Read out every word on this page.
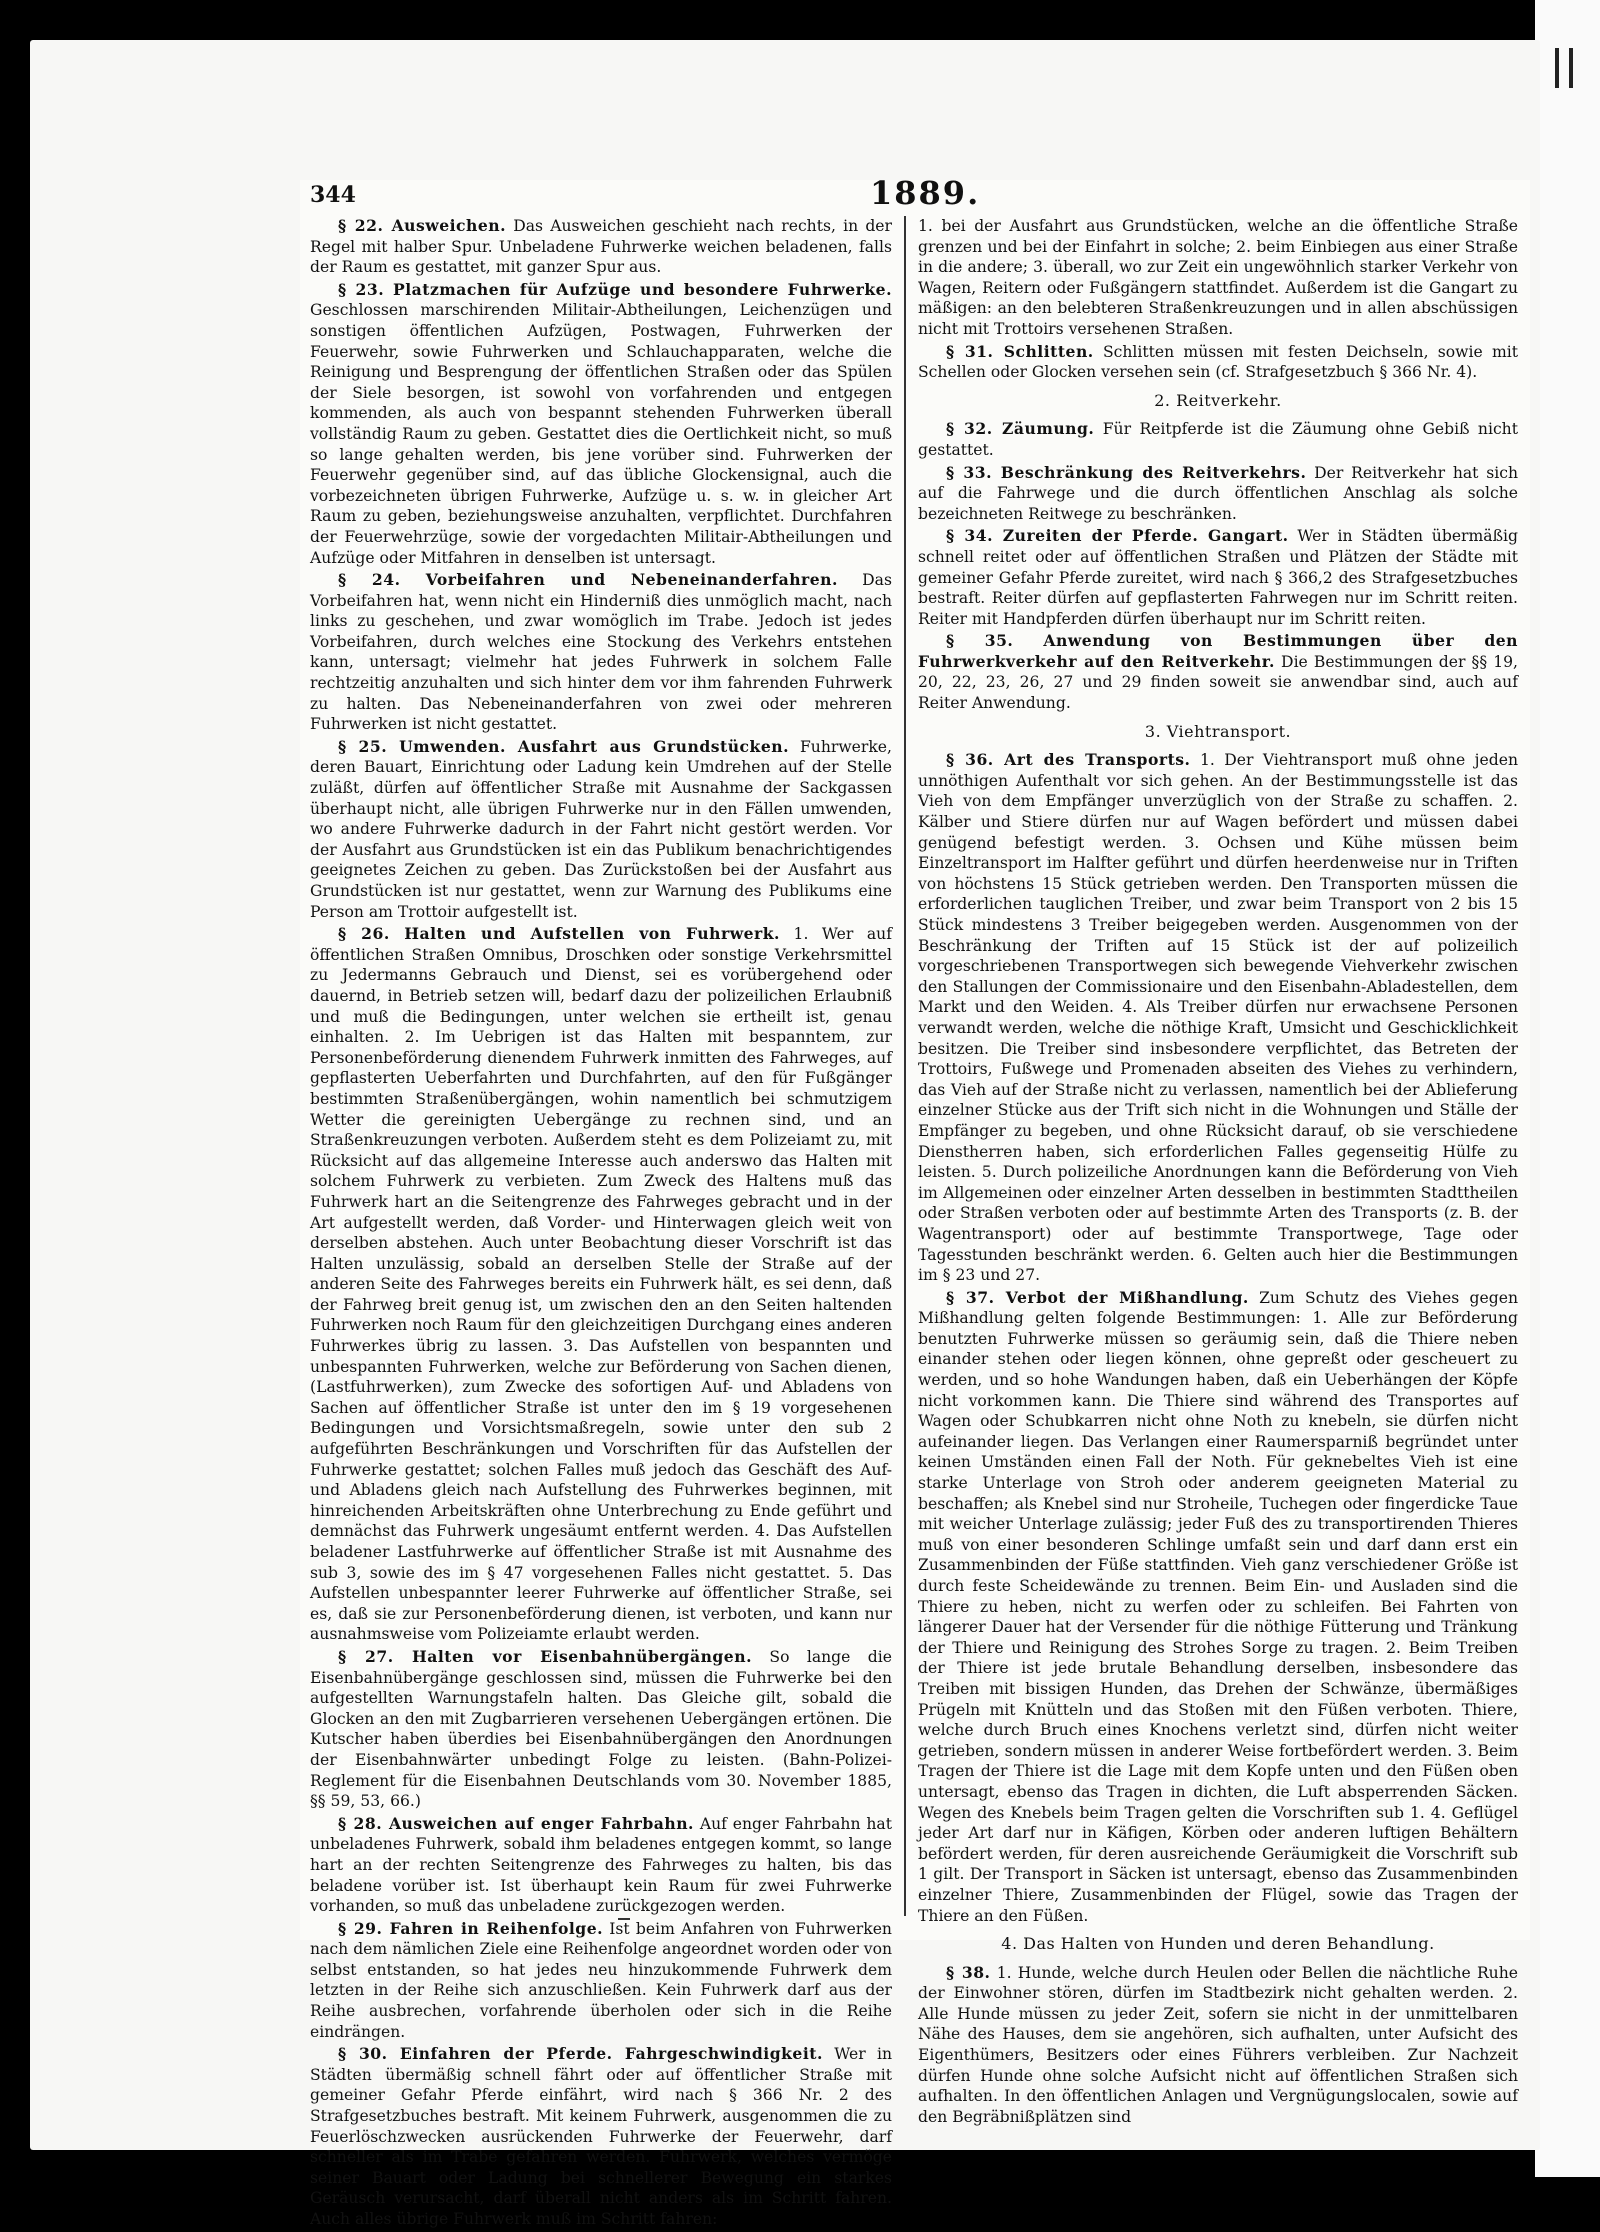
344	1889.

§ 22. Ausweichen. Das Ausweichen geschieht nach rechts, in der Regel mit halber Spur. Unbeladene Fuhrwerke weichen beladenen, falls der Raum es gestattet, mit ganzer Spur aus.

§ 23. Platzmachen für Aufzüge und besondere Fuhrwerke. Geschlossen marschirenden Militair-Abtheilungen, Leichenzügen und sonstigen öffentlichen Aufzügen, Postwagen, Fuhrwerken der Feuerwehr, sowie Fuhrwerken und Schlauchapparaten, welche die Reinigung und Besprengung der öffentlichen Straßen oder das Spülen der Siele besorgen, ist sowohl von vorfahrenden und entgegen kommenden, als auch von bespannt stehenden Fuhrwerken überall vollständig Raum zu geben. Gestattet dies die Oertlichkeit nicht, so muß so lange gehalten werden, bis jene vorüber sind. Fuhrwerken der Feuerwehr gegenüber sind, auf das übliche Glockensignal, auch die vorbezeichneten übrigen Fuhrwerke, Aufzüge u. s. w. in gleicher Art Raum zu geben, beziehungsweise anzuhalten, verpflichtet. Durchfahren der Feuerwehrzüge, sowie der vorgedachten Militair-Abtheilungen und Aufzüge oder Mitfahren in denselben ist untersagt.

§ 24. Vorbeifahren und Nebeneinanderfahren. Das Vorbeifahren hat, wenn nicht ein Hinderniß dies unmöglich macht, nach links zu geschehen, und zwar womöglich im Trabe. Jedoch ist jedes Vorbeifahren, durch welches eine Stockung des Verkehrs entstehen kann, untersagt; vielmehr hat jedes Fuhrwerk in solchem Falle rechtzeitig anzuhalten und sich hinter dem vor ihm fahrenden Fuhrwerk zu halten. Das Nebeneinanderfahren von zwei oder mehreren Fuhrwerken ist nicht gestattet.

§ 25. Umwenden. Ausfahrt aus Grundstücken. Fuhrwerke, deren Bauart, Einrichtung oder Ladung kein Umdrehen auf der Stelle zuläßt, dürfen auf öffentlicher Straße mit Ausnahme der Sackgassen überhaupt nicht, alle übrigen Fuhrwerke nur in den Fällen umwenden, wo andere Fuhrwerke dadurch in der Fahrt nicht gestört werden. Vor der Ausfahrt aus Grundstücken ist ein das Publikum benachrichtigendes geeignetes Zeichen zu geben. Das Zurückstoßen bei der Ausfahrt aus Grundstücken ist nur gestattet, wenn zur Warnung des Publikums eine Person am Trottoir aufgestellt ist.

§ 26. Halten und Aufstellen von Fuhrwerk. 1. Wer auf öffentlichen Straßen Omnibus, Droschken oder sonstige Verkehrsmittel zu Jedermanns Gebrauch und Dienst, sei es vorübergehend oder dauernd, in Betrieb setzen will, bedarf dazu der polizeilichen Erlaubniß und muß die Bedingungen, unter welchen sie ertheilt ist, genau einhalten. 2. Im Uebrigen ist das Halten mit bespanntem, zur Personenbeförderung dienendem Fuhrwerk inmitten des Fahrweges, auf gepflasterten Ueberfahrten und Durchfahrten, auf den für Fußgänger bestimmten Straßenübergängen, wohin namentlich bei schmutzigem Wetter die gereinigten Uebergänge zu rechnen sind, und an Straßenkreuzungen verboten. Außerdem steht es dem Polizeiamt zu, mit Rücksicht auf das allgemeine Interesse auch anderswo das Halten mit solchem Fuhrwerk zu verbieten. Zum Zweck des Haltens muß das Fuhrwerk hart an die Seitengrenze des Fahrweges gebracht und in der Art aufgestellt werden, daß Vorder- und Hinterwagen gleich weit von derselben abstehen. Auch unter Beobachtung dieser Vorschrift ist das Halten unzulässig, sobald an derselben Stelle der Straße auf der anderen Seite des Fahrweges bereits ein Fuhrwerk hält, es sei denn, daß der Fahrweg breit genug ist, um zwischen den an den Seiten haltenden Fuhrwerken noch Raum für den gleichzeitigen Durchgang eines anderen Fuhrwerkes übrig zu lassen. 3. Das Aufstellen von bespannten und unbespannten Fuhrwerken, welche zur Beförderung von Sachen dienen, (Lastfuhrwerken), zum Zwecke des sofortigen Auf- und Abladens von Sachen auf öffentlicher Straße ist unter den im § 19 vorgesehenen Bedingungen und Vorsichtsmaßregeln, sowie unter den sub 2 aufgeführten Beschränkungen und Vorschriften für das Aufstellen der Fuhrwerke gestattet; solchen Falles muß jedoch das Geschäft des Auf- und Abladens gleich nach Aufstellung des Fuhrwerkes beginnen, mit hinreichenden Arbeitskräften ohne Unterbrechung zu Ende geführt und demnächst das Fuhrwerk ungesäumt entfernt werden. 4. Das Aufstellen beladener Lastfuhrwerke auf öffentlicher Straße ist mit Ausnahme des sub 3, sowie des im § 47 vorgesehenen Falles nicht gestattet. 5. Das Aufstellen unbespannter leerer Fuhrwerke auf öffentlicher Straße, sei es, daß sie zur Personenbeförderung dienen, ist verboten, und kann nur ausnahmsweise vom Polizeiamte erlaubt werden.

§ 27. Halten vor Eisenbahnübergängen. So lange die Eisenbahnübergänge geschlossen sind, müssen die Fuhrwerke bei den aufgestellten Warnungstafeln halten. Das Gleiche gilt, sobald die Glocken an den mit Zugbarrieren versehenen Uebergängen ertönen. Die Kutscher haben überdies bei Eisenbahnübergängen den Anordnungen der Eisenbahnwärter unbedingt Folge zu leisten. (Bahn-Polizei-Reglement für die Eisenbahnen Deutschlands vom 30. November 1885, §§ 59, 53, 66.)

§ 28. Ausweichen auf enger Fahrbahn. Auf enger Fahrbahn hat unbeladenes Fuhrwerk, sobald ihm beladenes entgegen kommt, so lange hart an der rechten Seitengrenze des Fahrweges zu halten, bis das beladene vorüber ist. Ist überhaupt kein Raum für zwei Fuhrwerke vorhanden, so muß das unbeladene zurückgezogen werden.

§ 29. Fahren in Reihenfolge. Ist beim Anfahren von Fuhrwerken nach dem nämlichen Ziele eine Reihenfolge angeordnet worden oder von selbst entstanden, so hat jedes neu hinzukommende Fuhrwerk dem letzten in der Reihe sich anzuschließen. Kein Fuhrwerk darf aus der Reihe ausbrechen, vorfahrende überholen oder sich in die Reihe eindrängen.

§ 30. Einfahren der Pferde. Fahrgeschwindigkeit. Wer in Städten übermäßig schnell fährt oder auf öffentlicher Straße mit gemeiner Gefahr Pferde einfährt, wird nach § 366 Nr. 2 des Strafgesetzbuches bestraft. Mit keinem Fuhrwerk, ausgenommen die zu Feuerlöschzwecken ausrückenden Fuhrwerke der Feuerwehr, darf schneller als im Trabe gefahren werden. Fuhrwerk, welches vermöge seiner Bauart oder Ladung bei schnellerer Bewegung ein starkes Geräusch verursacht, darf überall nicht anders als im Schritt fahren. Auch alles übrige Fuhrwerk muß im Schritt fahren:

1. bei der Ausfahrt aus Grundstücken, welche an die öffentliche Straße grenzen und bei der Einfahrt in solche; 2. beim Einbiegen aus einer Straße in die andere; 3. überall, wo zur Zeit ein ungewöhnlich starker Verkehr von Wagen, Reitern oder Fußgängern stattfindet. Außerdem ist die Gangart zu mäßigen: an den belebteren Straßenkreuzungen und in allen abschüssigen nicht mit Trottoirs versehenen Straßen.

§ 31. Schlitten. Schlitten müssen mit festen Deichseln, sowie mit Schellen oder Glocken versehen sein (cf. Strafgesetzbuch § 366 Nr. 4).

2. Reitverkehr.

§ 32. Zäumung. Für Reitpferde ist die Zäumung ohne Gebiß nicht gestattet.

§ 33. Beschränkung des Reitverkehrs. Der Reitverkehr hat sich auf die Fahrwege und die durch öffentlichen Anschlag als solche bezeichneten Reitwege zu beschränken.

§ 34. Zureiten der Pferde. Gangart. Wer in Städten übermäßig schnell reitet oder auf öffentlichen Straßen und Plätzen der Städte mit gemeiner Gefahr Pferde zureitet, wird nach § 366,2 des Strafgesetzbuches bestraft. Reiter dürfen auf gepflasterten Fahrwegen nur im Schritt reiten. Reiter mit Handpferden dürfen überhaupt nur im Schritt reiten.

§ 35. Anwendung von Bestimmungen über den Fuhrwerkverkehr auf den Reitverkehr. Die Bestimmungen der §§ 19, 20, 22, 23, 26, 27 und 29 finden soweit sie anwendbar sind, auch auf Reiter Anwendung.

3. Viehtransport.

§ 36. Art des Transports. 1. Der Viehtransport muß ohne jeden unnöthigen Aufenthalt vor sich gehen. An der Bestimmungsstelle ist das Vieh von dem Empfänger unverzüglich von der Straße zu schaffen. 2. Kälber und Stiere dürfen nur auf Wagen befördert und müssen dabei genügend befestigt werden. 3. Ochsen und Kühe müssen beim Einzeltransport im Halfter geführt und dürfen heerdenweise nur in Triften von höchstens 15 Stück getrieben werden. Den Transporten müssen die erforderlichen tauglichen Treiber, und zwar beim Transport von 2 bis 15 Stück mindestens 3 Treiber beigegeben werden. Ausgenommen von der Beschränkung der Triften auf 15 Stück ist der auf polizeilich vorgeschriebenen Transportwegen sich bewegende Viehverkehr zwischen den Stallungen der Commissionaire und den Eisenbahn-Abladestellen, dem Markt und den Weiden. 4. Als Treiber dürfen nur erwachsene Personen verwandt werden, welche die nöthige Kraft, Umsicht und Geschicklichkeit besitzen. Die Treiber sind insbesondere verpflichtet, das Betreten der Trottoirs, Fußwege und Promenaden abseiten des Viehes zu verhindern, das Vieh auf der Straße nicht zu verlassen, namentlich bei der Ablieferung einzelner Stücke aus der Trift sich nicht in die Wohnungen und Ställe der Empfänger zu begeben, und ohne Rücksicht darauf, ob sie verschiedene Dienstherren haben, sich erforderlichen Falles gegenseitig Hülfe zu leisten. 5. Durch polizeiliche Anordnungen kann die Beförderung von Vieh im Allgemeinen oder einzelner Arten desselben in bestimmten Stadttheilen oder Straßen verboten oder auf bestimmte Arten des Transports (z. B. der Wagentransport) oder auf bestimmte Transportwege, Tage oder Tagesstunden beschränkt werden. 6. Gelten auch hier die Bestimmungen im § 23 und 27.

§ 37. Verbot der Mißhandlung. Zum Schutz des Viehes gegen Mißhandlung gelten folgende Bestimmungen: 1. Alle zur Beförderung benutzten Fuhrwerke müssen so geräumig sein, daß die Thiere neben einander stehen oder liegen können, ohne gepreßt oder gescheuert zu werden, und so hohe Wandungen haben, daß ein Ueberhängen der Köpfe nicht vorkommen kann. Die Thiere sind während des Transportes auf Wagen oder Schubkarren nicht ohne Noth zu knebeln, sie dürfen nicht aufeinander liegen. Das Verlangen einer Raumersparniß begründet unter keinen Umständen einen Fall der Noth. Für geknebeltes Vieh ist eine starke Unterlage von Stroh oder anderem geeigneten Material zu beschaffen; als Knebel sind nur Stroheile, Tuchegen oder fingerdicke Taue mit weicher Unterlage zulässig; jeder Fuß des zu transportirenden Thieres muß von einer besonderen Schlinge umfaßt sein und darf dann erst ein Zusammenbinden der Füße stattfinden. Vieh ganz verschiedener Größe ist durch feste Scheidewände zu trennen. Beim Ein- und Ausladen sind die Thiere zu heben, nicht zu werfen oder zu schleifen. Bei Fahrten von längerer Dauer hat der Versender für die nöthige Fütterung und Tränkung der Thiere und Reinigung des Strohes Sorge zu tragen. 2. Beim Treiben der Thiere ist jede brutale Behandlung derselben, insbesondere das Treiben mit bissigen Hunden, das Drehen der Schwänze, übermäßiges Prügeln mit Knütteln und das Stoßen mit den Füßen verboten. Thiere, welche durch Bruch eines Knochens verletzt sind, dürfen nicht weiter getrieben, sondern müssen in anderer Weise fortbefördert werden. 3. Beim Tragen der Thiere ist die Lage mit dem Kopfe unten und den Füßen oben untersagt, ebenso das Tragen in dichten, die Luft absperrenden Säcken. Wegen des Knebels beim Tragen gelten die Vorschriften sub 1. 4. Geflügel jeder Art darf nur in Käfigen, Körben oder anderen luftigen Behältern befördert werden, für deren ausreichende Geräumigkeit die Vorschrift sub 1 gilt. Der Transport in Säcken ist untersagt, ebenso das Zusammenbinden einzelner Thiere, Zusammenbinden der Flügel, sowie das Tragen der Thiere an den Füßen.

4. Das Halten von Hunden und deren Behandlung.

§ 38. 1. Hunde, welche durch Heulen oder Bellen die nächtliche Ruhe der Einwohner stören, dürfen im Stadtbezirk nicht gehalten werden. 2. Alle Hunde müssen zu jeder Zeit, sofern sie nicht in der unmittelbaren Nähe des Hauses, dem sie angehören, sich aufhalten, unter Aufsicht des Eigenthümers, Besitzers oder eines Führers verbleiben. Zur Nachzeit dürfen Hunde ohne solche Aufsicht nicht auf öffentlichen Straßen sich aufhalten. In den öffentlichen Anlagen und Vergnügungslocalen, sowie auf den Begräbnißplätzen sind
